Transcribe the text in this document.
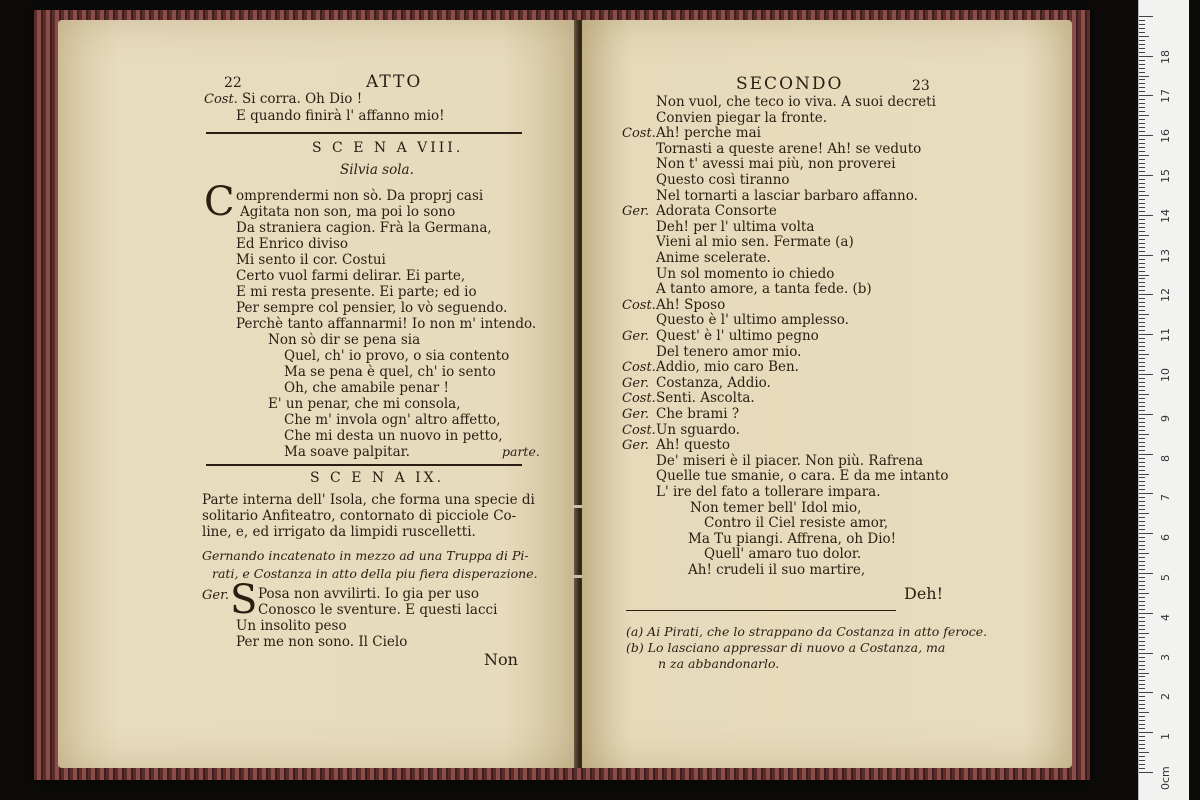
22	ATTO
Cost. Si corra. Oh Dio !
E quando finirà l' affanno mio!
S C E N A VIII.
Silvia sola.
C omprendermi non sò. Da proprj casi
Agitata non son, ma poi lo sono
Da straniera cagion. Frà la Germana,
Ed Enrico diviso
Mi sento il cor. Costui
Certo vuol farmi delirar. Ei parte,
E mi resta presente. Ei parte; ed io
Per sempre col pensier, lo vò seguendo.
Perchè tanto affannarmi! Io non m' intendo.
Non sò dir se pena sia
Quel, ch' io provo, o sia contento
Ma se pena è quel, ch' io sento
Oh, che amabile penar !
E' un penar, che mi consola,
Che m' invola ogn' altro affetto,
Che mi desta un nuovo in petto,
Ma soave palpitar.	parte.
S C E N A IX.
Parte interna dell' Isola, che forma una specie di
solitario Anfiteatro, contornato di picciole Co-
line, e, ed irrigato da limpidi ruscelletti.
Gernando incatenato in mezzo ad una Truppa di Pi-
rati, e Costanza in atto della piu fiera disperazione.
Ger. S Posa non avvilirti. Io gia per uso
Conosco le sventure. E questi lacci
Un insolito peso
Per me non sono. Il Cielo
Non
SECONDO	23
Non vuol, che teco io viva. A suoi decreti
Convien piegar la fronte.
Cost. Ah! perche mai
Tornasti a queste arene! Ah! se veduto
Non t' avessi mai più, non proverei
Questo così tiranno
Nel tornarti a lasciar barbaro affanno.
Ger. Adorata Consorte
Deh! per l' ultima volta
Vieni al mio sen. Fermate (a)
Anime scelerate.
Un sol momento io chiedo
A tanto amore, a tanta fede. (b)
Cost. Ah! Sposo
Questo è l' ultimo amplesso.
Ger. Quest' è l' ultimo pegno
Del tenero amor mio.
Cost. Addio, mio caro Ben.
Ger. Costanza, Addio.
Cost. Senti. Ascolta.
Ger. Che brami ?
Cost. Un sguardo.
Ger. Ah! questo
De' miseri è il piacer. Non più. Rafrena
Quelle tue smanie, o cara. E da me intanto
L' ire del fato a tollerare impara.
Non temer bell' Idol mio,
Contro il Ciel resiste amor,
Ma Tu piangi. Affrena, oh Dio!
Quell' amaro tuo dolor.
Ah! crudeli il suo martire,
Deh!
(a) Ai Pirati, che lo strappano da Costanza in atto feroce.
(b) Lo lasciano appressar di nuovo a Costanza, ma
n za abbandonarlo.
0cm
1
2
3
4
5
6
7
8
9
10
11
12
13
14
15
16
17
18
